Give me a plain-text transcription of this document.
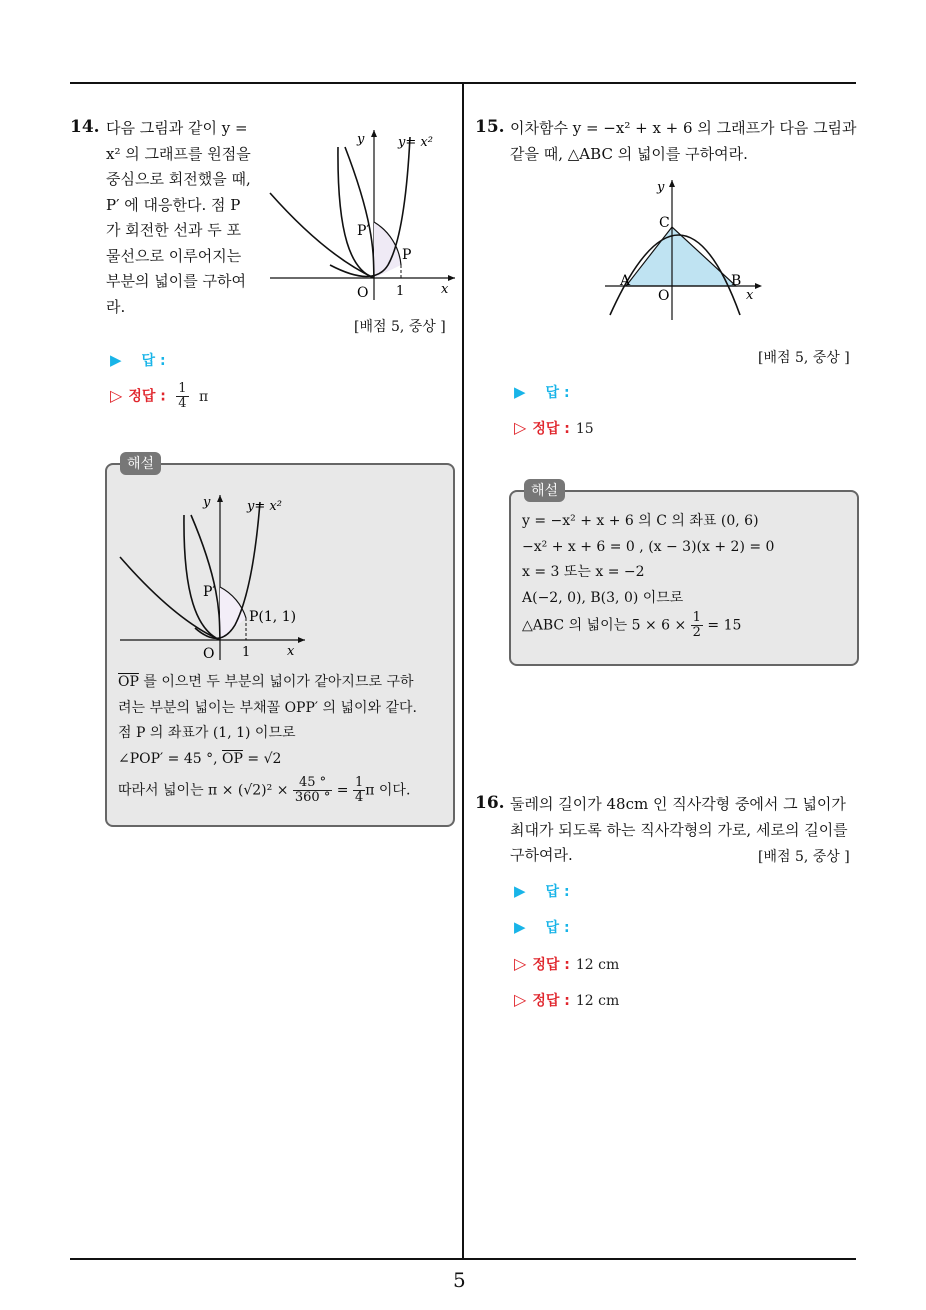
5
14. 다음 그림과 같이 y =
x² 의 그래프를 원점을
중심으로 회전했을 때,
P′ 에 대응한다. 점 P
가 회전한 선과 두 포
물선으로 이루어지는
부분의 넓이를 구하여
라.
y	y= x²
P′
P
O 1	x
[배점 5, 중상 ]
▶ 답 :
▷ 정답 : $\frac{1}{4}$ π
해설
y	y= x²
P′
P(1, 1)
O 1	x
$\overline{OP}$ 를 이으면 두 부분의 넓이가 같아지므로 구하
려는 부분의 넓이는 부채꼴 OPP′ 의 넓이와 같다.
점 P 의 좌표가 (1, 1) 이므로
∠POP′ = 45 °, $\overline{OP} = √2$
따라서 넓이는 $\pi \times (√2)^2 \times \frac{45 ^\circ}{360 ^\circ} = \frac{1}{4}$ π 이다.
15. 이차함수 y = −x² + x + 6 의 그래프가 다음 그림과
같을 때, △ABC 의 넓이를 구하여라.
y
C
A	B
O	x
[배점 5, 중상 ]
▶ 답 :
▷ 정답 : 15
해설
y = −x² + x + 6 의 C 의 좌표 (0, 6)
−x² + x + 6 = 0 , (x − 3)(x + 2) = 0
x = 3 또는 x = −2
A(−2, 0), B(3, 0) 이므로
△ABC 의 넓이는 $5 \times 6 \times \frac{1}{2} = 15$
16. 둘레의 길이가 48cm 인 직사각형 중에서 그 넓이가
최대가 되도록 하는 직사각형의 가로, 세로의 길이를
구하여라.	[배점 5, 중상 ]
▶ 답 :
▶ 답 :
▷ 정답 : 12 cm
▷ 정답 : 12 cm
